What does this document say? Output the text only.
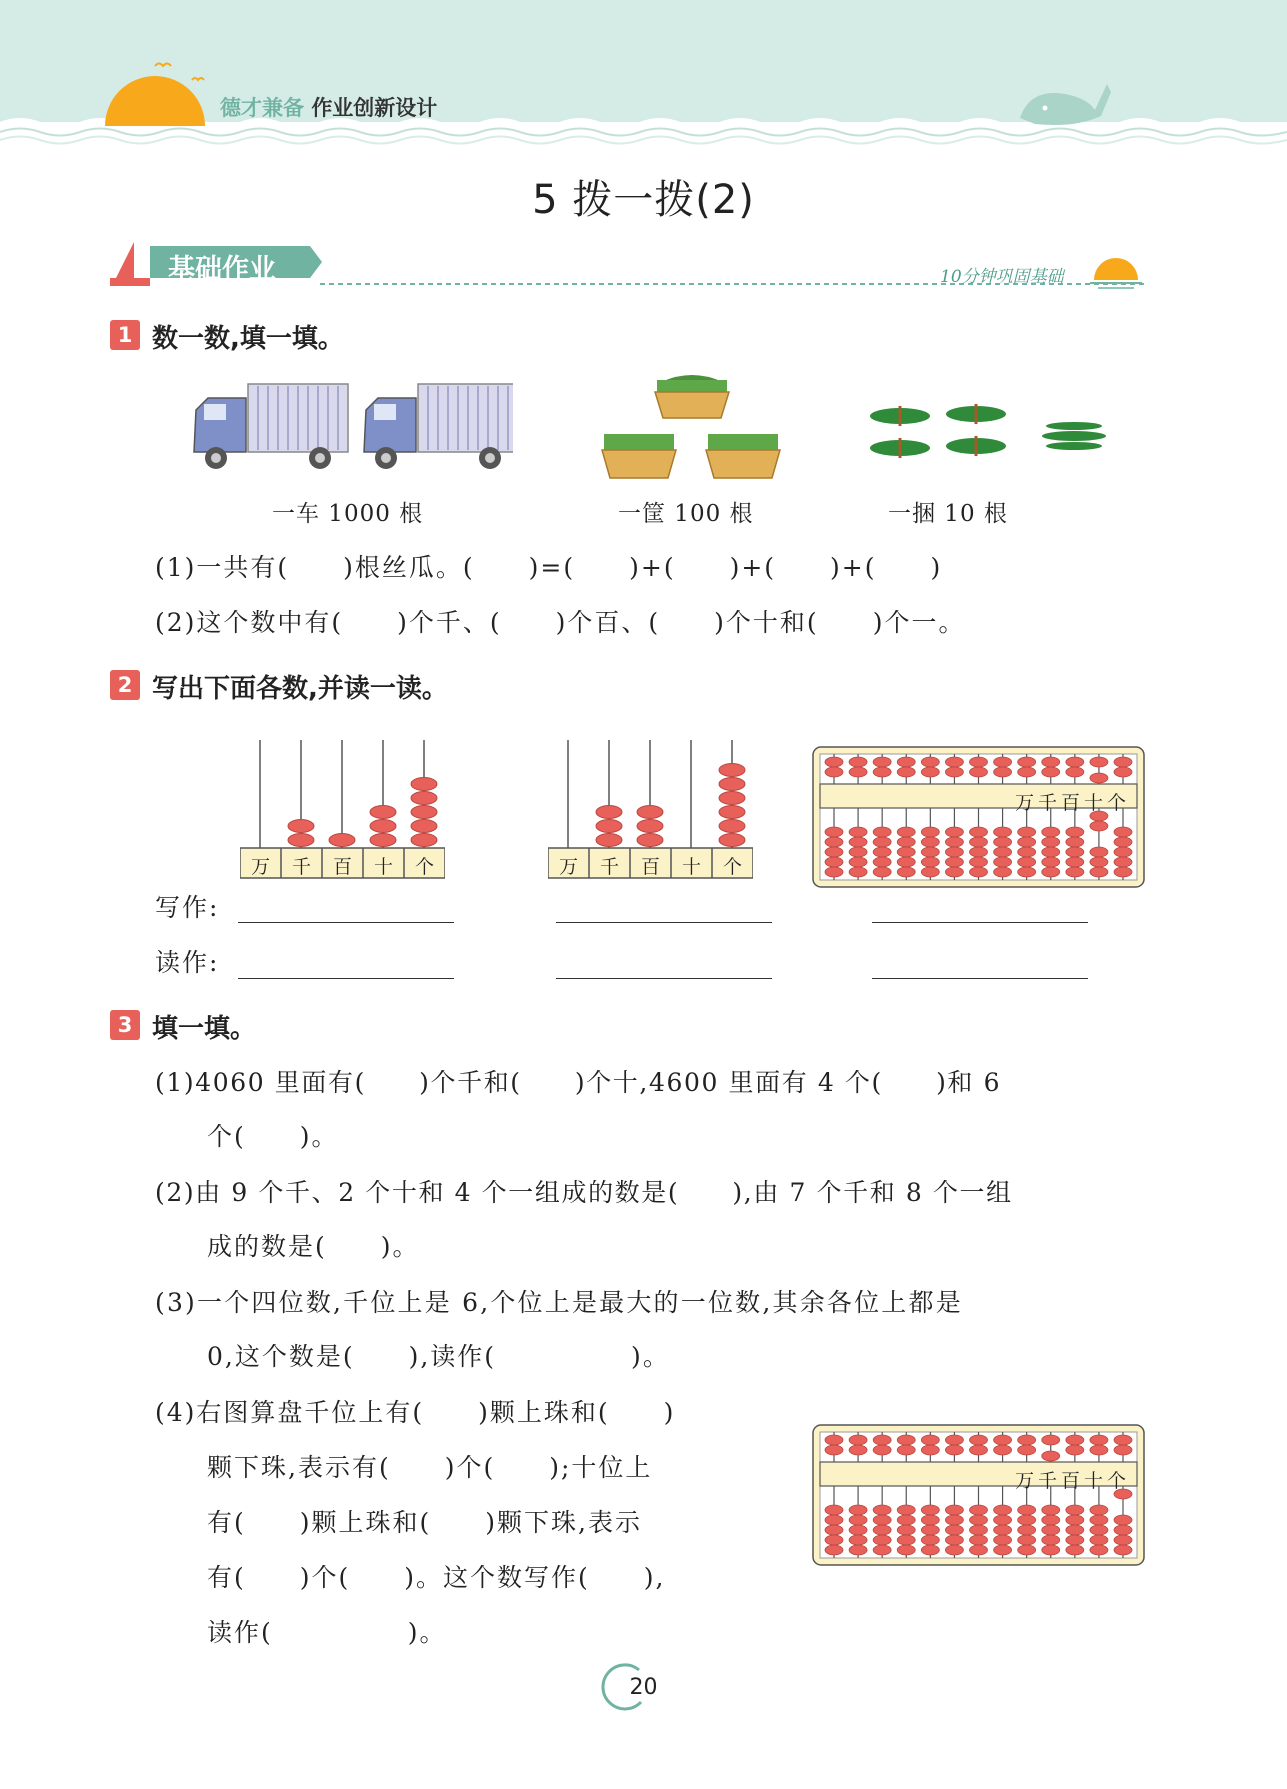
德才兼备 作业创新设计
5 拨一拨(2)
基础作业	10分钟巩固基础
1 数一数,填一填。
一车 1000 根	一筐 100 根	一捆 10 根
(1)一共有(　　)根丝瓜。(　　)=(　　)+(　　)+(　　)+(　　)
(2)这个数中有(　　)个千、(　　)个百、(　　)个十和(　　)个一。
2 写出下面各数,并读一读。
万 千 百 十 个	万 千 百 十 个
万 千 百 十 个
写作:
读作:
3 填一填。
(1)4060 里面有(　　)个千和(　　)个十,4600 里面有 4 个(　　)和 6
个(　　)。
(2)由 9 个千、2 个十和 4 个一组成的数是(　　),由 7 个千和 8 个一组
成的数是(　　)。
(3)一个四位数,千位上是 6,个位上是最大的一位数,其余各位上都是
0,这个数是(　　),读作(　　　　　)。
(4)右图算盘千位上有(　　)颗上珠和(　　)
颗下珠,表示有(　　)个(　　);十位上
有(　　)颗上珠和(　　)颗下珠,表示
有(　　)个(　　)。这个数写作(　　),
读作(　　　　　)。
万 千 百 十 个
20
